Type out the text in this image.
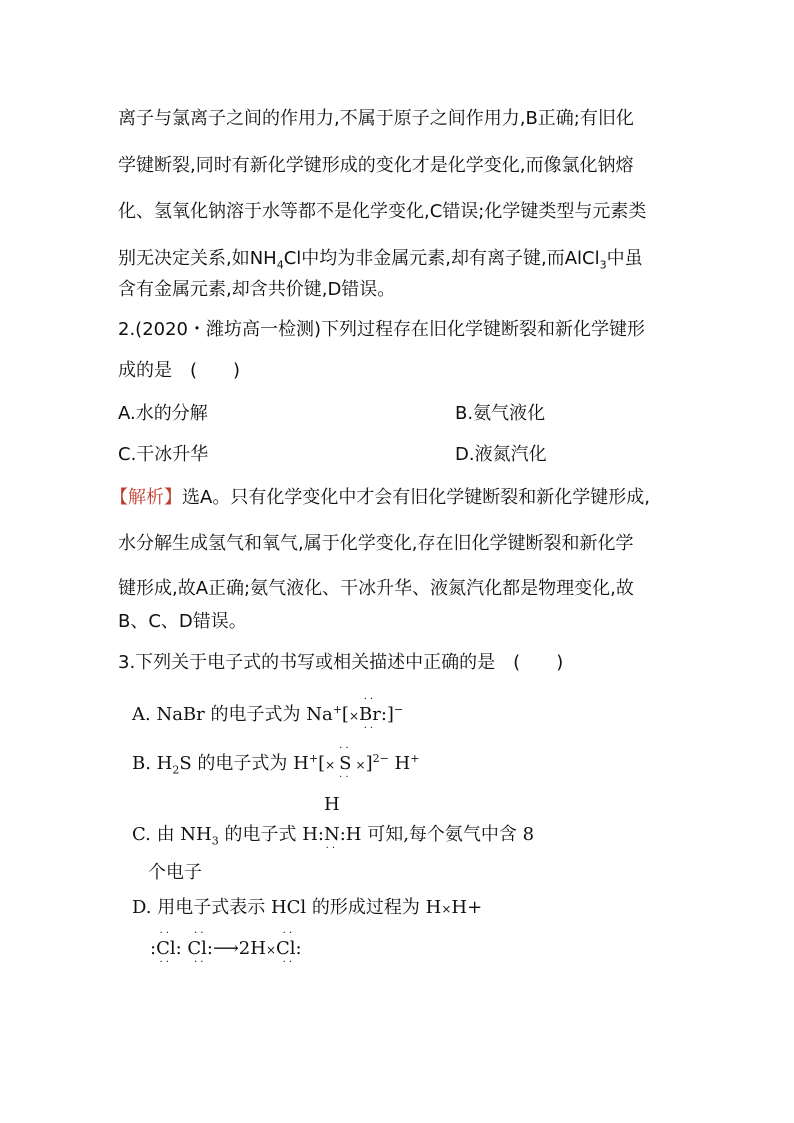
离子与氯离子之间的作用力,不属于原子之间作用力,B正确;有旧化
学键断裂,同时有新化学键形成的变化才是化学变化,而像氯化钠熔
化、氢氧化钠溶于水等都不是化学变化,C错误;化学键类型与元素类
别无决定关系,如$NH_4Cl$中均为非金属元素,却有离子键,而AlCl$_3$中虽
含有金属元素,却含共价键,D错误。
2.(2020・潍坊高一检测)下列过程存在旧化学键断裂和新化学键形
成的是　(　　)
A.水的分解	B.氨气液化
C.干冰升华	D.液氮汽化
【解析】选A。只有化学变化中才会有旧化学键断裂和新化学键形成,
水分解生成氢气和氧气,属于化学变化,存在旧化学键断裂和新化学
键形成,故A正确;氨气液化、干冰升华、液氮汽化都是物理变化,故
B、C、D错误。
3.下列关于电子式的书写或相关描述中正确的是　(　　)
A. NaBr 的电子式为 Na+[×
··
Br
··
:]−
B. $H_2S$ 的电子式为 H+[×
··
S
··
×]$^{2-}$ H+
C. 由 $NH_3$ 的电子式 H:
H
N
··
:H 可知,每个氨气中含 8
个电子
D. 用电子式表示 HCl 的形成过程为 H×H+
··
:Cl:
··

··
Cl:
··
⟶2H×
··
Cl:
··
